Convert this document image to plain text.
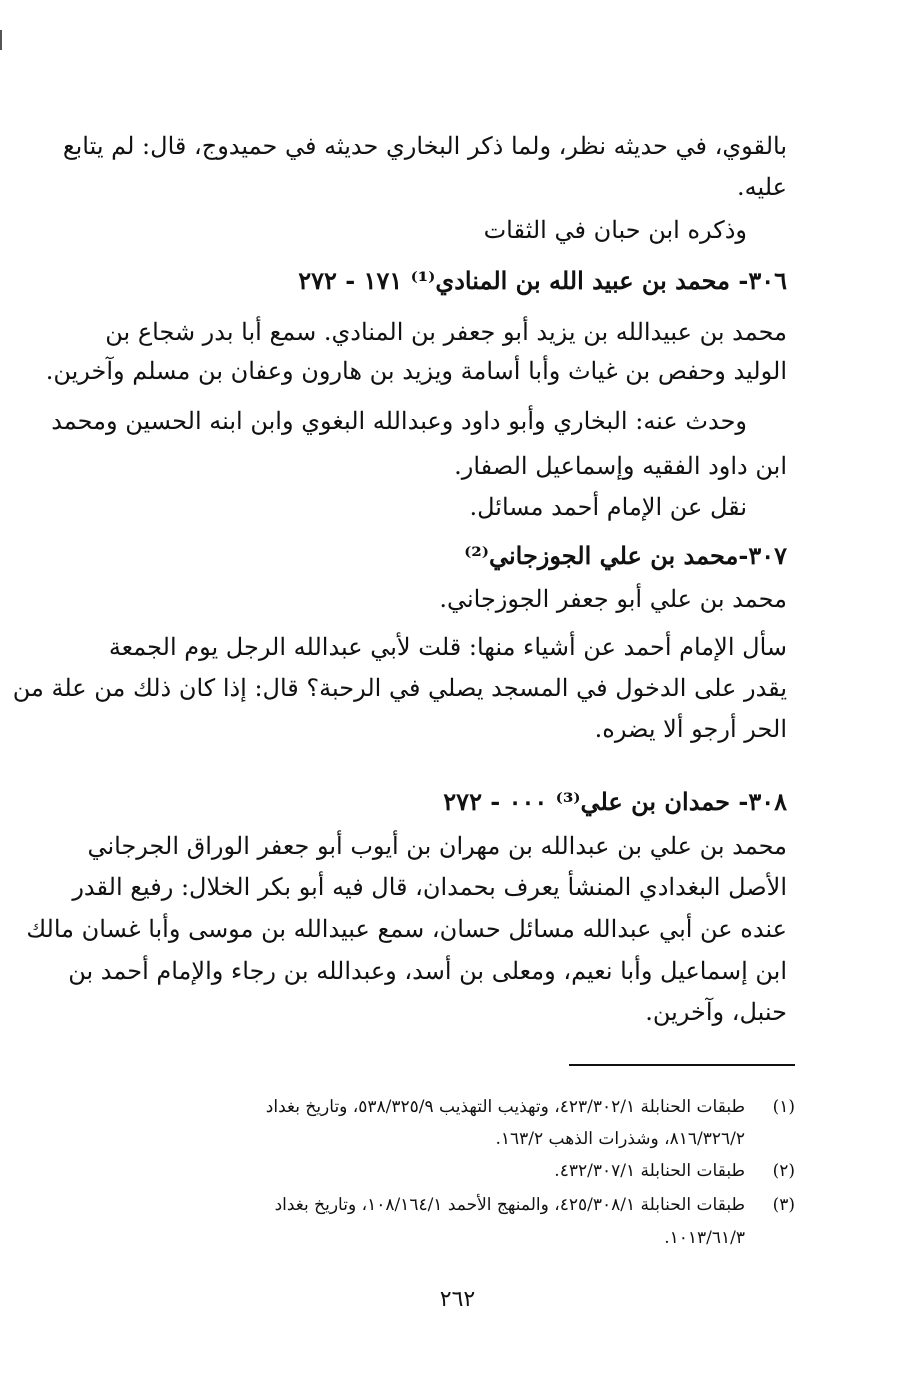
بالقوي، في حديثه نظر، ولما ذكر البخاري حديثه في حميدوج، قال: لم يتابع
عليه.
وذكره ابن حبان في الثقات
٣٠٦- محمد بن عبيد الله بن المنادي⁽¹⁾ ١٧١ - ٢٧٢
محمد بن عبيدالله بن يزيد أبو جعفر بن المنادي. سمع أبا بدر شجاع بن
الوليد وحفص بن غياث وأبا أسامة ويزيد بن هارون وعفان بن مسلم وآخرين.
وحدث عنه: البخاري وأبو داود وعبدالله البغوي وابن ابنه الحسين ومحمد
ابن داود الفقيه وإسماعيل الصفار.
نقل عن الإمام أحمد مسائل.
٣٠٧-محمد بن علي الجوزجاني⁽²⁾
محمد بن علي أبو جعفر الجوزجاني.
سأل الإمام أحمد عن أشياء منها: قلت لأبي عبدالله الرجل يوم الجمعة
يقدر على الدخول في المسجد يصلي في الرحبة؟ قال: إذا كان ذلك من علة من
الحر أرجو ألا يضره.
٣٠٨- حمدان بن علي⁽³⁾ ٠٠٠ - ٢٧٢
محمد بن علي بن عبدالله بن مهران بن أيوب أبو جعفر الوراق الجرجاني
الأصل البغدادي المنشأ يعرف بحمدان، قال فيه أبو بكر الخلال: رفيع القدر
عنده عن أبي عبدالله مسائل حسان، سمع عبيدالله بن موسى وأبا غسان مالك
ابن إسماعيل وأبا نعيم، ومعلى بن أسد، وعبدالله بن رجاء والإمام أحمد بن
حنبل، وآخرين.
(١)
طبقات الحنابلة ٤٢٣/٣٠٢/١، وتهذيب التهذيب ٥٣٨/٣٢٥/٩، وتاريخ بغداد
٨١٦/٣٢٦/٢، وشذرات الذهب ١٦٣/٢.
(٢)
طبقات الحنابلة ٤٣٢/٣٠٧/١.
(٣)
طبقات الحنابلة ٤٢٥/٣٠٨/١، والمنهج الأحمد ١٠٨/١٦٤/١، وتاريخ بغداد
١٠١٣/٦١/٣.
٢٦٢
